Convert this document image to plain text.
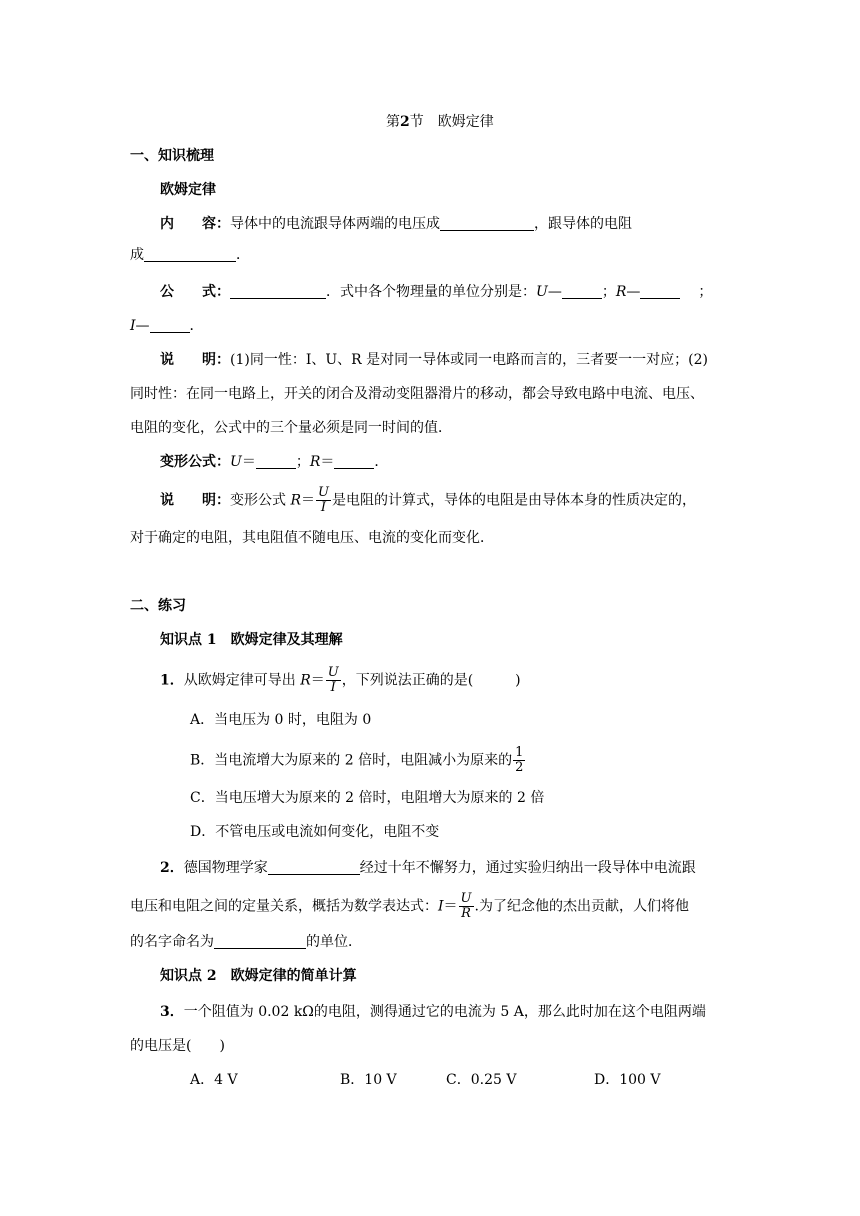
第2节　欧姆定律
一、知识梳理
欧姆定律
内　　容：导体中的电流跟导体两端的电压成	，跟导体的电阻
成	．
公　　式：	．式中各个物理量的单位分别是：U—	；R—	；
I—	．
说　　明：(1)同一性：I、U、R 是对同一导体或同一电路而言的，三者要一一对应；(2)
同时性：在同一电路上，开关的闭合及滑动变阻器滑片的移动，都会导致电路中电流、电压、
电阻的变化，公式中的三个量必须是同一时间的值．
变形公式：U＝	；R＝	．
说　　明：变形公式 $R= \frac{U}{I}$ 是电阻的计算式，导体的电阻是由导体本身的性质决定的，
对于确定的电阻，其电阻值不随电压、电流的变化而变化．
二、练习
知识点 1　欧姆定律及其理解
1．从欧姆定律可导出 $R= \frac{U}{I}$ ，下列说法正确的是(　　　)
A．当电压为 0 时，电阻为 0
B．当电流增大为原来的 2 倍时，电阻减小为原来的 $\frac{1}{2}$
C．当电压增大为原来的 2 倍时，电阻增大为原来的 2 倍
D．不管电压或电流如何变化，电阻不变
2．德国物理学家	经过十年不懈努力，通过实验归纳出一段导体中电流跟
电压和电阻之间的定量关系，概括为数学表达式：$I= \frac{U}{R}$ .为了纪念他的杰出贡献，人们将他
的名字命名为	的单位．
知识点 2　欧姆定律的简单计算
3．一个阻值为 0.02 kΩ的电阻，测得通过它的电流为 5 A，那么此时加在这个电阻两端
的电压是(　　)
A．4 V	B．10 V	C．0.25 V	D．100 V
